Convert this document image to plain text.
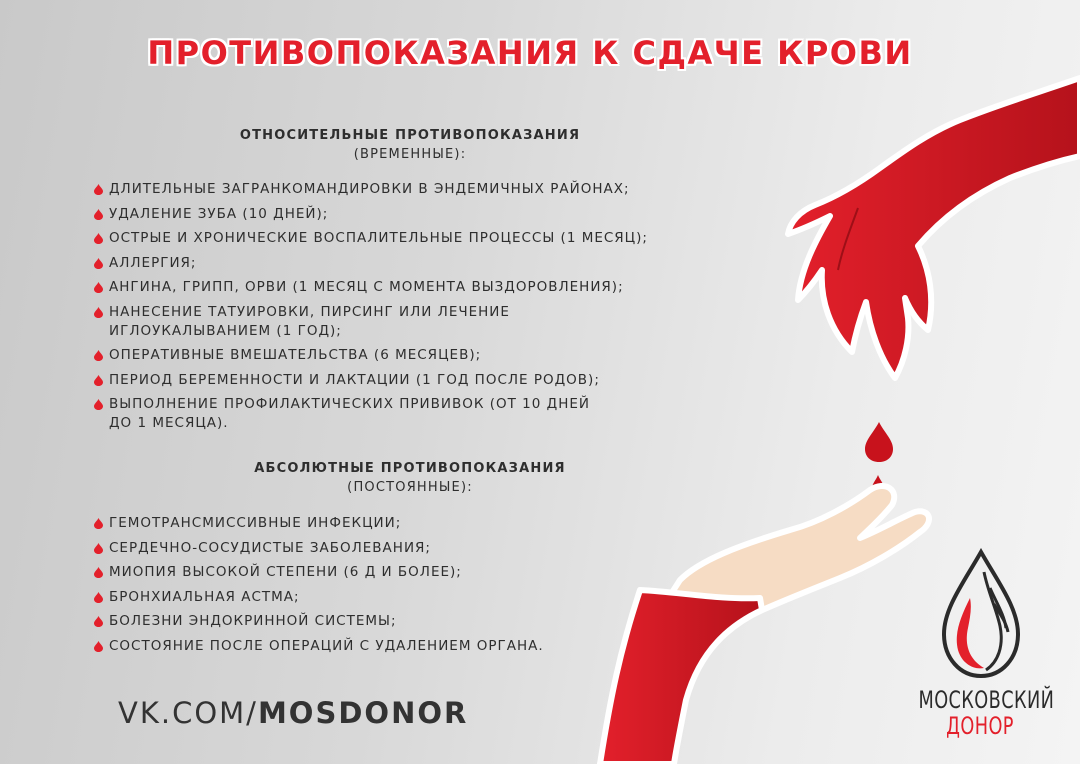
ПРОТИВОПОКАЗАНИЯ К СДАЧЕ КРОВИ
ОТНОСИТЕЛЬНЫЕ ПРОТИВОПОКАЗАНИЯ
(ВРЕМЕННЫЕ):
ДЛИТЕЛЬНЫЕ ЗАГРАНКОМАНДИРОВКИ В ЭНДЕМИЧНЫХ РАЙОНАХ;
УДАЛЕНИЕ ЗУБА (10 ДНЕЙ);
ОСТРЫЕ И ХРОНИЧЕСКИЕ ВОСПАЛИТЕЛЬНЫЕ ПРОЦЕССЫ (1 МЕСЯЦ);
АЛЛЕРГИЯ;
АНГИНА, ГРИПП, ОРВИ (1 МЕСЯЦ С МОМЕНТА ВЫЗДОРОВЛЕНИЯ);
НАНЕСЕНИЕ ТАТУИРОВКИ, ПИРСИНГ ИЛИ ЛЕЧЕНИЕ
ИГЛОУКАЛЫВАНИЕМ (1 ГОД);
ОПЕРАТИВНЫЕ ВМЕШАТЕЛЬСТВА (6 МЕСЯЦЕВ);
ПЕРИОД БЕРЕМЕННОСТИ И ЛАКТАЦИИ (1 ГОД ПОСЛЕ РОДОВ);
ВЫПОЛНЕНИЕ ПРОФИЛАКТИЧЕСКИХ ПРИВИВОК (ОТ 10 ДНЕЙ
ДО 1 МЕСЯЦА).
АБСОЛЮТНЫЕ ПРОТИВОПОКАЗАНИЯ
(ПОСТОЯННЫЕ):
ГЕМОТРАНСМИССИВНЫЕ ИНФЕКЦИИ;
СЕРДЕЧНО-СОСУДИСТЫЕ ЗАБОЛЕВАНИЯ;
МИОПИЯ ВЫСОКОЙ СТЕПЕНИ (6 Д И БОЛЕЕ);
БРОНХИАЛЬНАЯ АСТМА;
БОЛЕЗНИ ЭНДОКРИННОЙ СИСТЕМЫ;
СОСТОЯНИЕ ПОСЛЕ ОПЕРАЦИЙ С УДАЛЕНИЕМ ОРГАНА.
VK.COM/MOSDONOR	МОСКОВСКИЙ
ДОНОР
